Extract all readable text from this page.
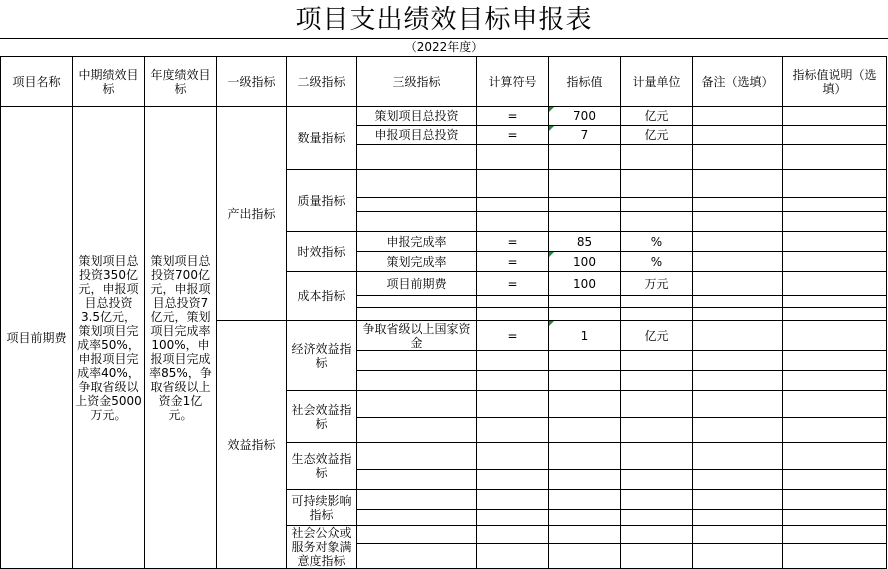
项目支出绩效目标申报表
（2022年度）
项目名称	中期绩效目标	年度绩效目标	一级指标	二级指标	三级指标	计算符号	指标值	计量单位	备注（选填）	指标值说明（选填）
项目前期费	策划项目总投资350亿元，申报项目总投资3.5亿元，策划项目完成率50%，申报项目完成率40%，争取省级以上资金5000万元。	策划项目总投资700亿元，申报项目总投资7亿元，策划项目完成率100%，申报项目完成率85%，争取省级以上资金1亿元。	产出指标	数量指标	策划项目总投资	=	700	亿元		
					申报项目总投资	=	7	亿元		

				质量指标						

				时效指标	申报完成率	=	85	%		
					策划完成率	=	100	%		
				成本指标	项目前期费	=	100	万元		

			效益指标	经济效益指标	争取省级以上国家资金	=	1	亿元		

				社会效益指标						

				生态效益指标						

				可持续影响指标						

				社会公众或服务对象满意度指标						
